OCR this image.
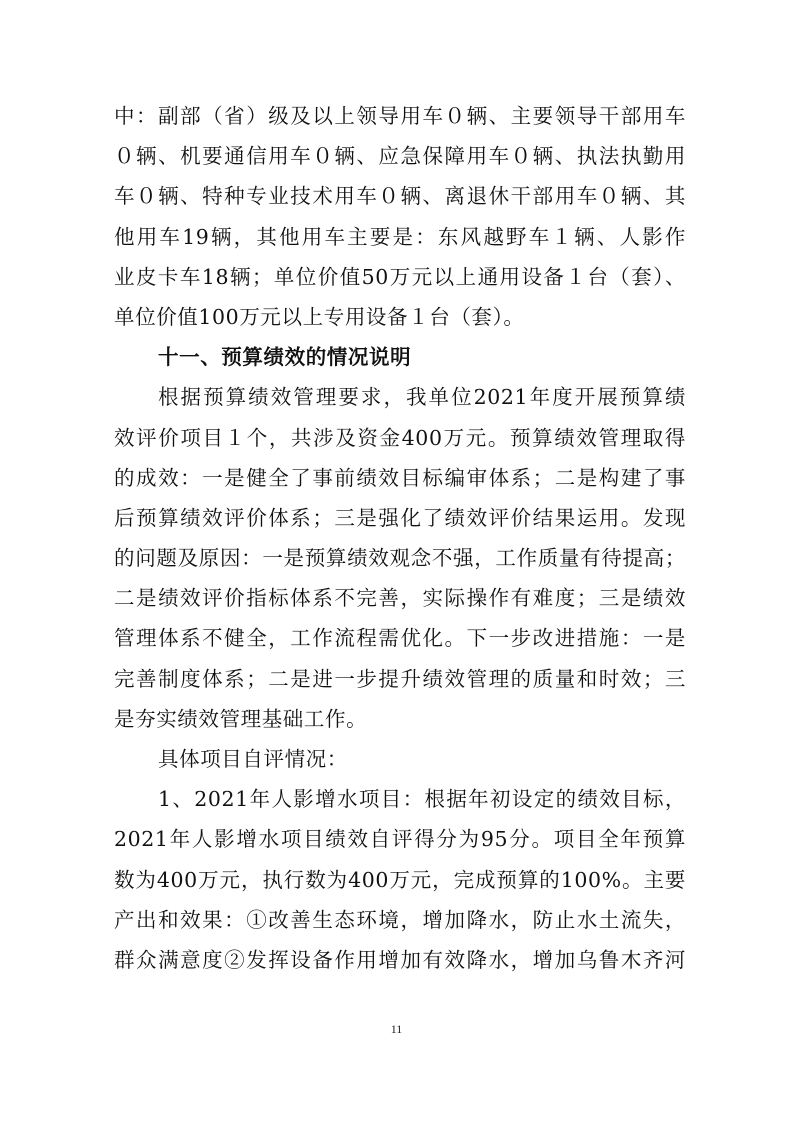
中：副部（省）级及以上领导用车０辆、主要领导干部用车
０辆、机要通信用车０辆、应急保障用车０辆、执法执勤用
车０辆、特种专业技术用车０辆、离退休干部用车０辆、其
他用车19辆，其他用车主要是：东风越野车１辆、人影作
业皮卡车18辆；单位价值50万元以上通用设备１台（套）、
单位价值100万元以上专用设备１台（套）。
十一、预算绩效的情况说明
根据预算绩效管理要求，我单位2021年度开展预算绩
效评价项目１个，共涉及资金400万元。预算绩效管理取得
的成效：一是健全了事前绩效目标编审体系；二是构建了事
后预算绩效评价体系；三是强化了绩效评价结果运用。发现
的问题及原因：一是预算绩效观念不强，工作质量有待提高；
二是绩效评价指标体系不完善，实际操作有难度；三是绩效
管理体系不健全，工作流程需优化。下一步改进措施：一是
完善制度体系；二是进一步提升绩效管理的质量和时效；三
是夯实绩效管理基础工作。
具体项目自评情况：
1、2021年人影增水项目：根据年初设定的绩效目标，
2021年人影增水项目绩效自评得分为95分。项目全年预算
数为400万元，执行数为400万元，完成预算的100%。主要
产出和效果：①改善生态环境，增加降水，防止水土流失，
群众满意度②发挥设备作用增加有效降水，增加乌鲁木齐河
11
